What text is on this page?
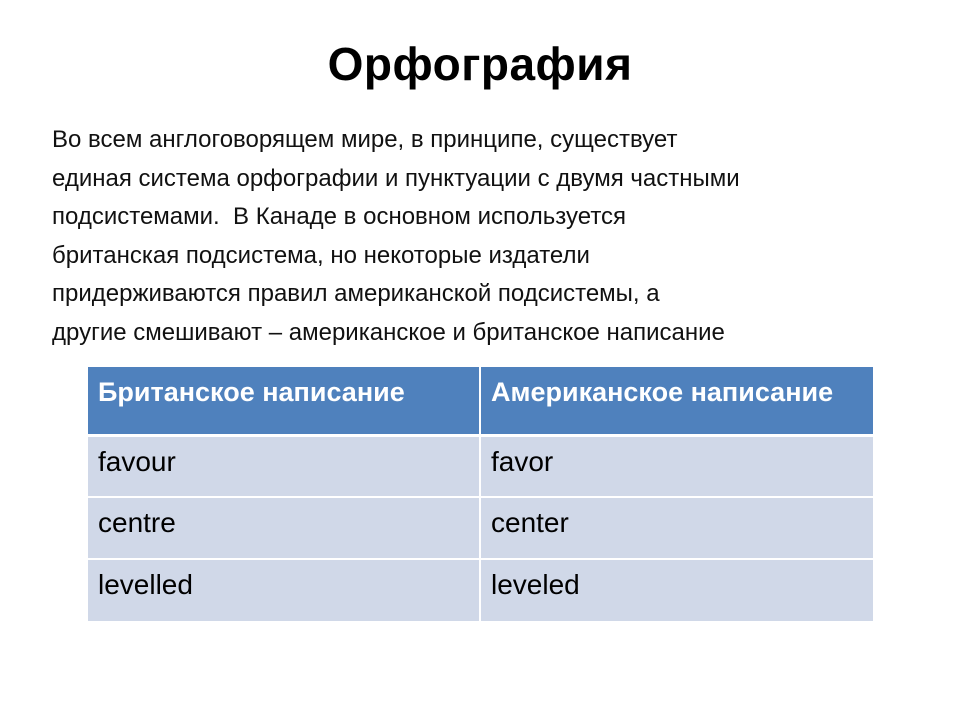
Орфография
Во всем англоговорящем мире, в принципе, существует
единая система орфографии и пунктуации с двумя частными
подсистемами.  В Канаде в основном используется
британская подсистема, но некоторые издатели
придерживаются правил американской подсистемы, а
другие смешивают – американское и британское написание
Британское написание	Американское написание
favour	favor
centre	center
levelled	leveled
